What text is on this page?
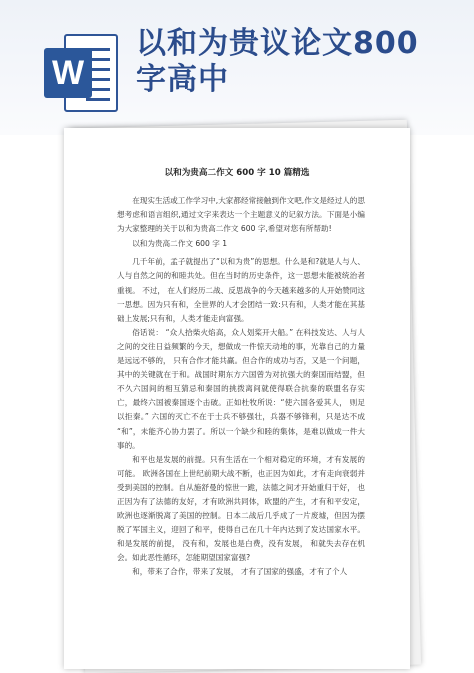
W
以和为贵议论文800字高中
以和为贵高二作文 600 字 10 篇精选

在现实生活或工作学习中,大家都经常接触到作文吧,作文是经过人的思想考虑和语言组织,通过文字来表达一个主题意义的记叙方法。下面是小编为大家整理的关于以和为贵高二作文 600 字,希望对您有所帮助!

以和为贵高二作文 600 字 1

几千年前，孟子就提出了“以和为贵”的思想。什么是和?就是人与人、人与自然之间的和睦共处。但在当时的历史条件，这一思想未能被统治者重视。 不过， 在人们经历二战、反思战争的今天越来越多的人开始赞同这一思想。因为只有和，全世界的人才会团结一致:只有和，人类才能在其基础上发展;只有和，人类才能走向富强。

俗话说： “众人拾柴火焰高，众人划桨开大船。” 在科技发达、人与人之间的交往日益频繁的今天，想做成一件惊天动地的事，光靠自己的力量是远远不够的， 只有合作才能共赢。但合作的成功与否，又是一个问题， 其中的关键就在于和。战国时期东方六国曾为对抗强大的秦国而结盟，但不久六国间的相互猜忌和秦国的挑拨离间就使得联合抗秦的联盟名存实亡，最终六国被秦国逐个击破。正如杜牧所说：“使六国各爱其人， 则足以拒秦。” 六国的灭亡不在于士兵不够强壮，兵器不够锋利，只是达不成 “和”，未能齐心协力罢了。所以一个缺少和睦的集体，是难以做成一件大事的。

和平也是发展的前提。只有生活在一个相对稳定的环境，才有发展的可能。 欧洲各国在上世纪前期大战不断，也正因为如此，才有走向衰弱并受到美国的控制。自从施舒曼的惊世一跪，法德之间才开始重归于好， 也正因为有了法德的友好，才有欧洲共同体，欧盟的产生，才有和平安定，欧洲也逐渐脱离了美国的控制。日本二战后几乎成了一片废墟，但因为摆脱了军国主义，迎回了和平，使得自己在几十年内达到了发达国家水平。和是发展的前提， 没有和，发展也是白费，没有发展， 和就失去存在机会。如此恶性循环，怎能期望国家富强?

和，带来了合作，带来了发展， 才有了国家的强盛，才有了个人
